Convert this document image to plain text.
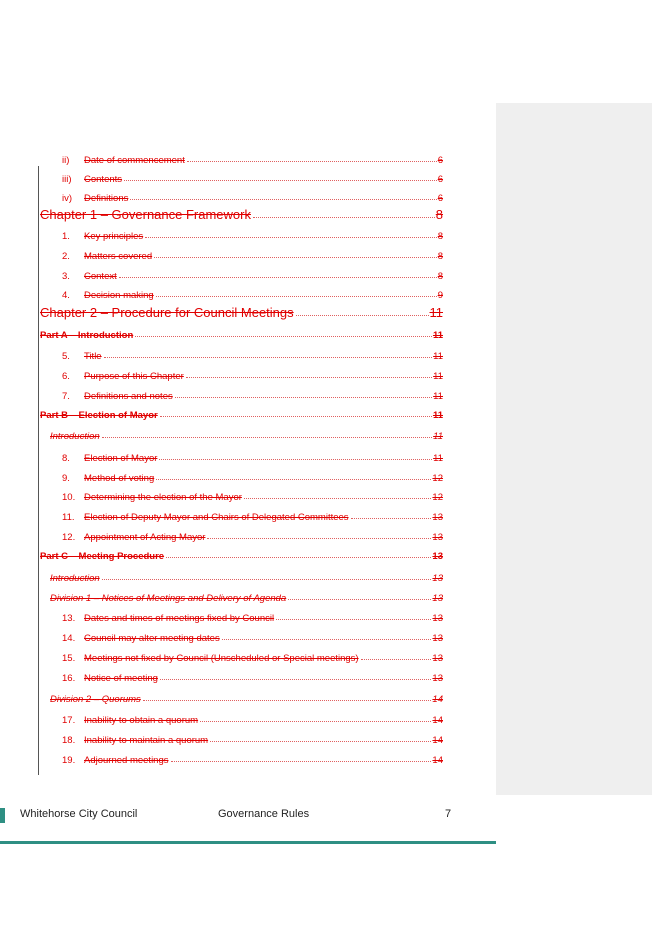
ii) Date of commencement	6
iii) Contents	6
iv) Definitions	6
Chapter 1 – Governance Framework	8
1. Key principles	8
2. Matters covered	8
3. Context	8
4. Decision making	9
Chapter 2 – Procedure for Council Meetings	11
Part A – Introduction	11
5. Title	11
6. Purpose of this Chapter	11
7. Definitions and notes	11
Part B – Election of Mayor	11
Introduction	11
8. Election of Mayor	11
9. Method of voting	12
10. Determining the election of the Mayor	12
11. Election of Deputy Mayor and Chairs of Delegated Committees	13
12. Appointment of Acting Mayor	13
Part C – Meeting Procedure	13
Introduction	13
Division 1 – Notices of Meetings and Delivery of Agenda	13
13. Dates and times of meetings fixed by Council	13
14. Council may alter meeting dates	13
15. Meetings not fixed by Council (Unscheduled or Special meetings)	13
16. Notice of meeting	13
Division 2 – Quorums	14
17. Inability to obtain a quorum	14
18. Inability to maintain a quorum	14
19. Adjourned meetings	14
Whitehorse City Council	Governance Rules	7
